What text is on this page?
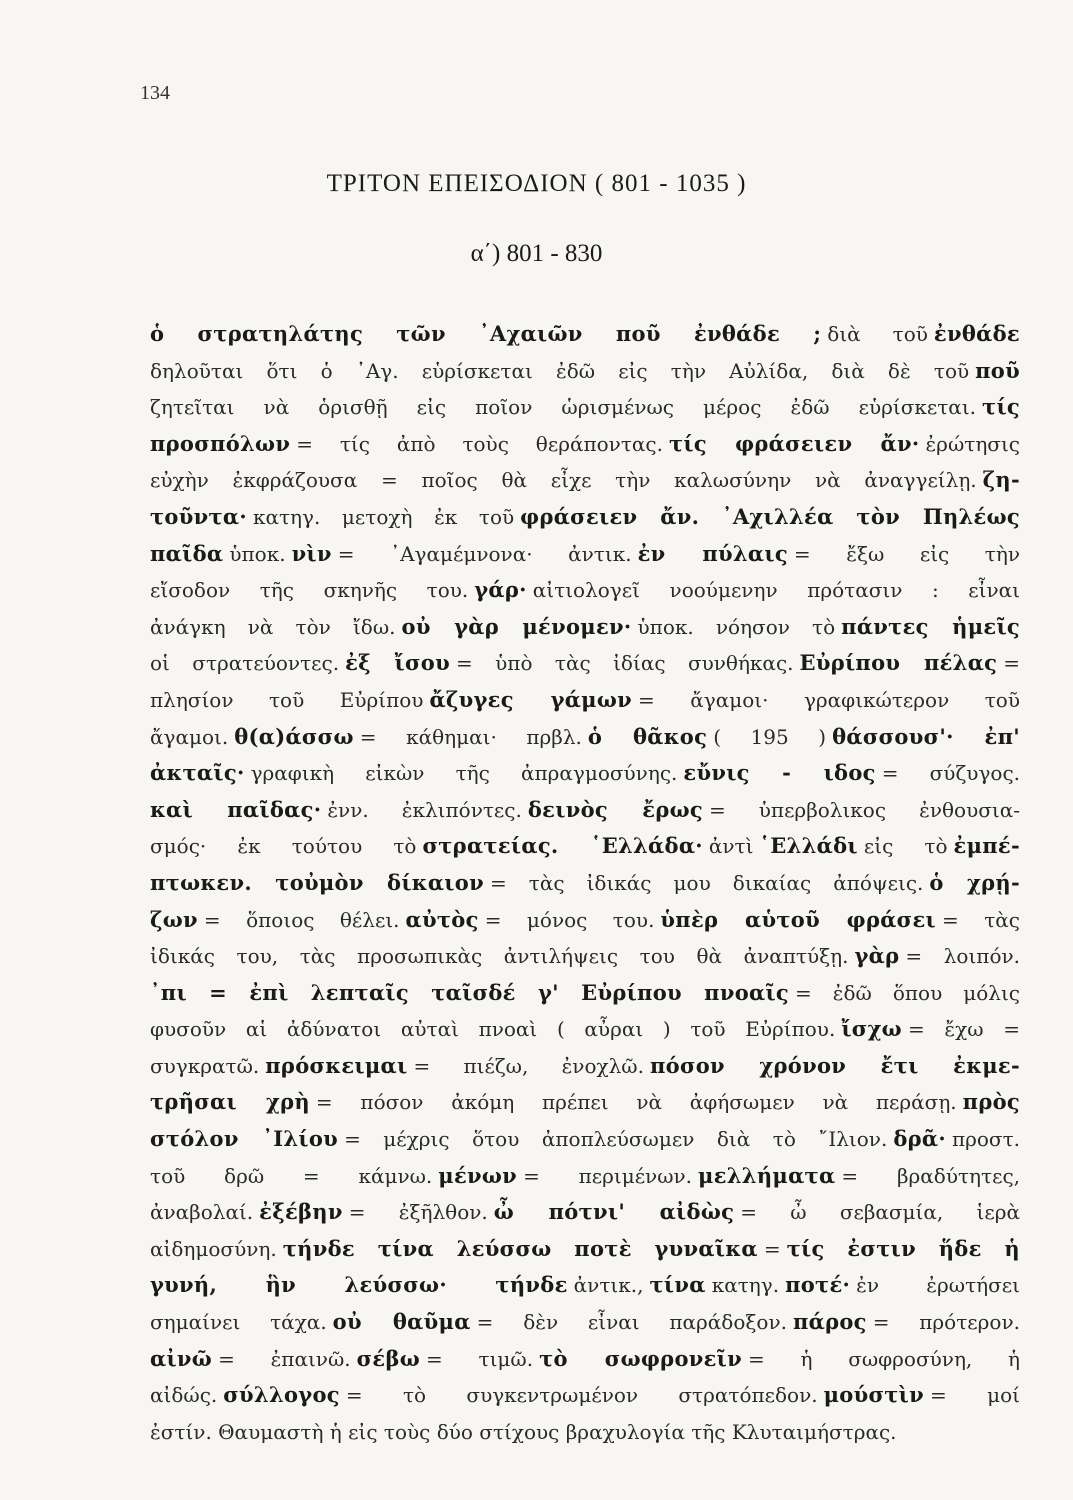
134
ΤΡΙΤΟΝ ΕΠΕΙΣΟΔΙΟΝ ( 801 - 1035 )
α΄) 801 - 830
ὁ στρατηλάτης τῶν ᾿Αχαιῶν ποῦ ἐνθάδε ; διὰ τοῦ ἐνθάδε
δηλοῦται ὅτι ὁ ᾿Αγ. εὑρίσκεται ἐδῶ εἰς τὴν Αὐλίδα, διὰ δὲ τοῦ ποῦ
ζητεῖται νὰ ὁρισθῇ εἰς ποῖον ὡρισμένως μέρος ἐδῶ εὑρίσκεται. τίς
προσπόλων = τίς ἀπὸ τοὺς θεράποντας. τίς φράσειεν ἄν· ἐρώτησις
εὐχὴν ἐκφράζουσα = ποῖος θὰ εἶχε τὴν καλωσύνην νὰ ἀναγγείλῃ. ζη-
τοῦντα· κατηγ. μετοχὴ ἐκ τοῦ φράσειεν ἄν. ᾿Αχιλλέα τὸν Πηλέως
παῖδα ὑποκ. νὶν = ᾿Αγαμέμνονα· ἀντικ. ἐν πύλαις = ἔξω εἰς τὴν
εἴσοδον τῆς σκηνῆς του. γάρ· αἰτιολογεῖ νοούμενην πρότασιν : εἶναι
ἀνάγκη νὰ τὸν ἴδω. οὐ γὰρ μένομεν· ὑποκ. νόησον τὸ πάντες ἡμεῖς
οἱ στρατεύοντες. ἐξ ἴσου = ὑπὸ τὰς ἰδίας συνθήκας. Εὐρίπου πέλας =
πλησίον τοῦ Εὐρίπου ἄζυγες γάμων = ἄγαμοι· γραφικώτερον τοῦ
ἄγαμοι. θ(α)άσσω = κάθημαι· πρβλ. ὁ θᾶκος ( 195 ) θάσσουσ'· ἐπ'
ἀκταῖς· γραφικὴ εἰκὼν τῆς ἀπραγμοσύνης. εὔνις - ιδος = σύζυγος.
καὶ παῖδας· ἐνν. ἐκλιπόντες. δεινὸς ἔρως = ὑπερβολικος ἐνθουσια-
σμός· ἐκ τούτου τὸ στρατείας. ῾Ελλάδα· ἀντὶ ῾Ελλάδι εἰς τὸ ἐμπέ-
πτωκεν. τοὐμὸν δίκαιον = τὰς ἰδικάς μου δικαίας ἀπόψεις. ὁ χρῄ-
ζων = ὅποιος θέλει. αὐτὸς = μόνος του. ὑπὲρ αὑτοῦ φράσει = τὰς
ἰδικάς του, τὰς προσωπικὰς ἀντιλήψεις του θὰ ἀναπτύξῃ. γὰρ = λοιπόν.
᾿πι = ἐπὶ λεπταῖς ταῖσδέ γ' Εὐρίπου πνοαῖς = ἐδῶ ὅπου μόλις
φυσοῦν αἱ ἀδύνατοι αὐταὶ πνοαὶ ( αὖραι ) τοῦ Εὐρίπου. ἴσχω = ἔχω =
συγκρατῶ. πρόσκειμαι = πιέζω, ἐνοχλῶ. πόσον χρόνον ἔτι ἐκμε-
τρῆσαι χρὴ = πόσον ἀκόμη πρέπει νὰ ἀφήσωμεν νὰ περάσῃ. πρὸς
στόλον ᾿Ιλίου = μέχρις ὅτου ἀποπλεύσωμεν διὰ τὸ ῎Ιλιον. δρᾶ· προστ.
τοῦ δρῶ = κάμνω. μένων = περιμένων. μελλήματα = βραδύτητες,
ἀναβολαί. ἐξέβην = ἐξῆλθον. ὦ πότνι' αἰδὼς = ὦ σεβασμία, ἱερὰ
αἰδημοσύνη. τήνδε τίνα λεύσσω ποτὲ γυναῖκα = τίς ἐστιν ἥδε ἡ
γυνή, ἣν λεύσσω· τήνδε ἀντικ., τίνα κατηγ. ποτέ· ἐν ἐρωτήσει
σημαίνει τάχα. οὐ θαῦμα = δὲν εἶναι παράδοξον. πάρος = πρότερον.
αἰνῶ = ἐπαινῶ. σέβω = τιμῶ. τὸ σωφρονεῖν = ἡ σωφροσύνη, ἡ
αἰδώς. σύλλογος = τὸ συγκεντρωμένον στρατόπεδον. μούστὶν = μοί
ἐστίν. Θαυμαστὴ ἡ εἰς τοὺς δύο στίχους βραχυλογία τῆς Κλυταιμήστρας.
